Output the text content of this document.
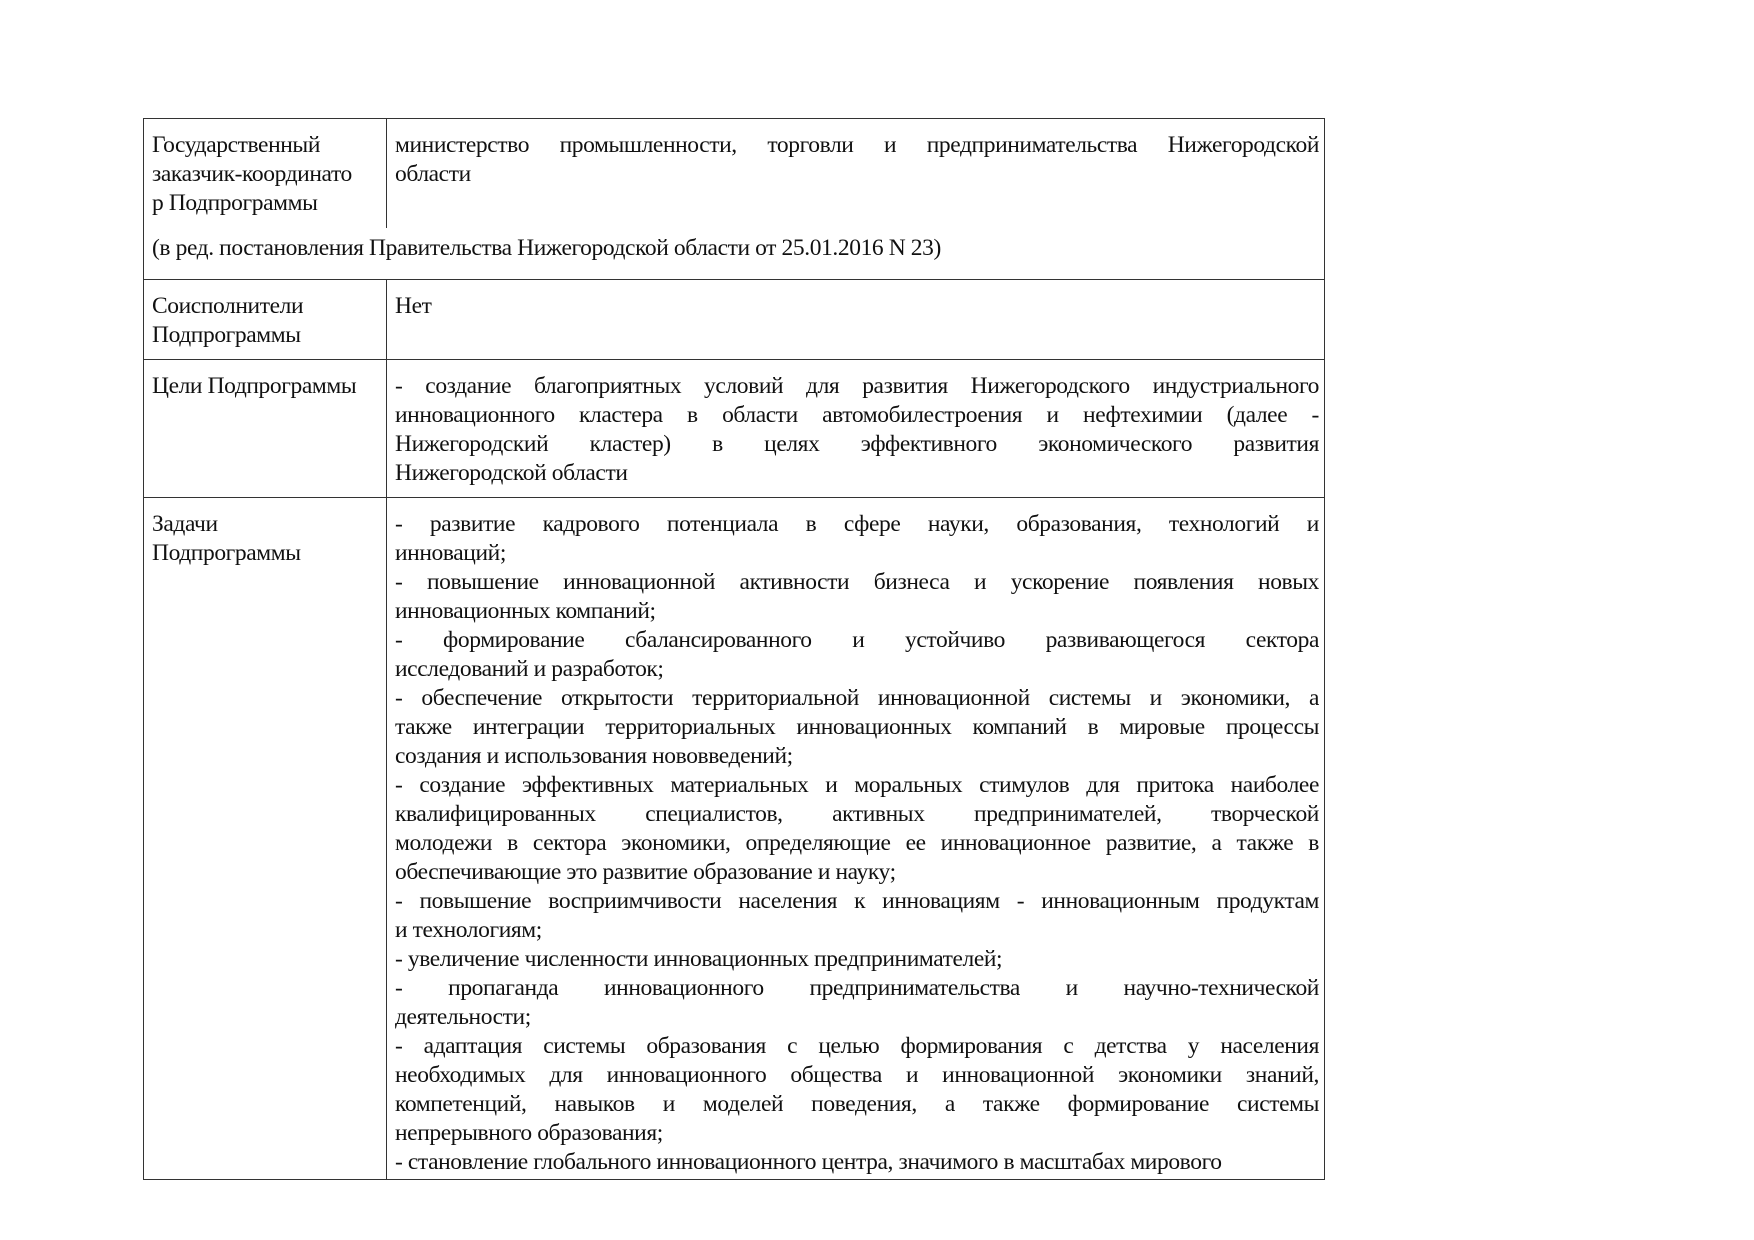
Государственный
заказчик-координато
р Подпрограммы
министерство промышленности, торговли и предпринимательства Нижегородской
области
(в ред. постановления Правительства Нижегородской области от 25.01.2016 N 23)
Соисполнители
Подпрограммы
Нет
Цели Подпрограммы	- создание благоприятных условий для развития Нижегородского индустриального
инновационного кластера в области автомобилестроения и нефтехимии (далее -
Нижегородский кластер) в целях эффективного экономического развития
Нижегородской области
Задачи
Подпрограммы
- развитие кадрового потенциала в сфере науки, образования, технологий и
инноваций;
- повышение инновационной активности бизнеса и ускорение появления новых
инновационных компаний;
- формирование сбалансированного и устойчиво развивающегося сектора
исследований и разработок;
- обеспечение открытости территориальной инновационной системы и экономики, а
также интеграции территориальных инновационных компаний в мировые процессы
создания и использования нововведений;
- создание эффективных материальных и моральных стимулов для притока наиболее
квалифицированных специалистов, активных предпринимателей, творческой
молодежи в сектора экономики, определяющие ее инновационное развитие, а также в
обеспечивающие это развитие образование и науку;
- повышение восприимчивости населения к инновациям - инновационным продуктам
и технологиям;
- увеличение численности инновационных предпринимателей;
- пропаганда инновационного предпринимательства и научно-технической
деятельности;
- адаптация системы образования с целью формирования с детства у населения
необходимых для инновационного общества и инновационной экономики знаний,
компетенций, навыков и моделей поведения, а также формирование системы
непрерывного образования;
- становление глобального инновационного центра, значимого в масштабах мирового
